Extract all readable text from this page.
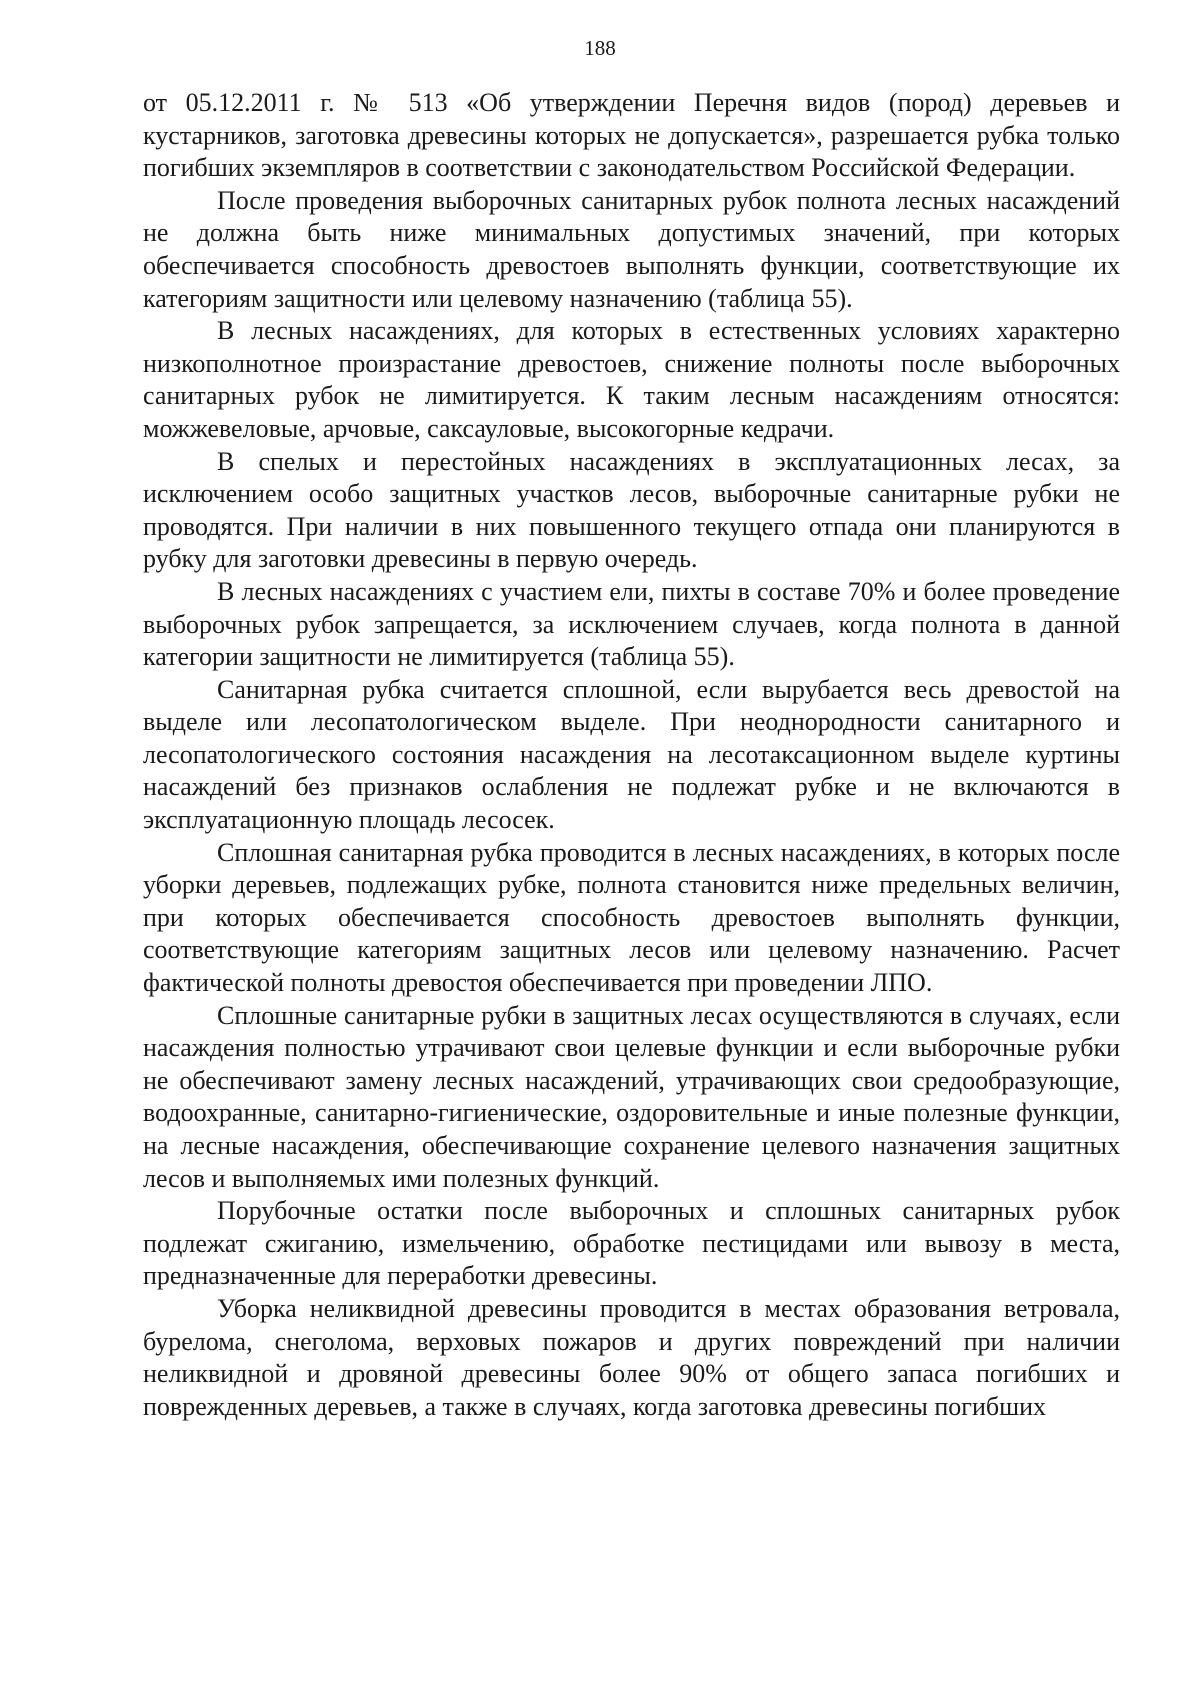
188

от 05.12.2011 г. № 513 «Об утверждении Перечня видов (пород) деревьев и кустарников, заготовка древесины которых не допускается», разрешается рубка только погибших экземпляров в соответствии с законодательством Российской Федерации.

После проведения выборочных санитарных рубок полнота лесных насаждений не должна быть ниже минимальных допустимых значений, при которых обеспечивается способность древостоев выполнять функции, соответствующие их категориям защитности или целевому назначению (таблица 55).

В лесных насаждениях, для которых в естественных условиях характерно низкополнотное произрастание древостоев, снижение полноты после выборочных санитарных рубок не лимитируется. К таким лесным насаждениям относятся: можжевеловые, арчовые, саксауловые, высокогорные кедрачи.

В спелых и перестойных насаждениях в эксплуатационных лесах, за исключением особо защитных участков лесов, выборочные санитарные рубки не проводятся. При наличии в них повышенного текущего отпада они планируются в рубку для заготовки древесины в первую очередь.

В лесных насаждениях с участием ели, пихты в составе 70% и более проведение выборочных рубок запрещается, за исключением случаев, когда полнота в данной категории защитности не лимитируется (таблица 55).

Санитарная рубка считается сплошной, если вырубается весь древостой на выделе или лесопатологическом выделе. При неоднородности санитарного и лесопатологического состояния насаждения на лесотаксационном выделе куртины насаждений без признаков ослабления не подлежат рубке и не включаются в эксплуатационную площадь лесосек.

Сплошная санитарная рубка проводится в лесных насаждениях, в которых после уборки деревьев, подлежащих рубке, полнота становится ниже предельных величин, при которых обеспечивается способность древостоев выполнять функции, соответствующие категориям защитных лесов или целевому назначению. Расчет фактической полноты древостоя обеспечивается при проведении ЛПО.

Сплошные санитарные рубки в защитных лесах осуществляются в случаях, если насаждения полностью утрачивают свои целевые функции и если выборочные рубки не обеспечивают замену лесных насаждений, утрачивающих свои средообразующие, водоохранные, санитарно-гигиенические, оздоровительные и иные полезные функции, на лесные насаждения, обеспечивающие сохранение целевого назначения защитных лесов и выполняемых ими полезных функций.

Порубочные остатки после выборочных и сплошных санитарных рубок подлежат сжиганию, измельчению, обработке пестицидами или вывозу в места, предназначенные для переработки древесины.

Уборка неликвидной древесины проводится в местах образования ветровала, бурелома, снеголома, верховых пожаров и других повреждений при наличии неликвидной и дровяной древесины более 90% от общего запаса погибших и поврежденных деревьев, а также в случаях, когда заготовка древесины погибших
